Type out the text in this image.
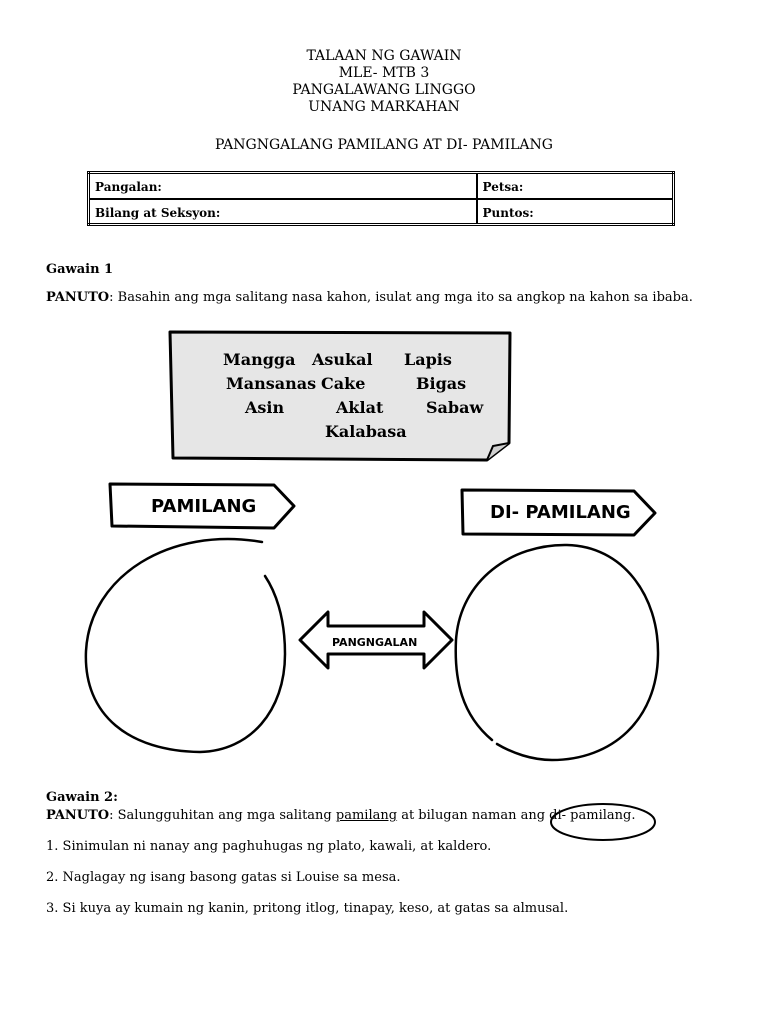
TALAAN NG GAWAIN
MLE- MTB 3
PANGALAWANG LINGGO
UNANG MARKAHAN
PANGNGALANG PAMILANG AT DI- PAMILANG
Pangalan:	Petsa:
Bilang at Seksyon:	Puntos:
Gawain 1
PANUTO: Basahin ang mga salitang nasa kahon, isulat ang mga ito sa angkop na kahon sa ibaba.
Mangga Asukal Lapis
Mansanas Cake	Bigas
Asin	Aklat	Sabaw
Kalabasa
PAMILANG	DI- PAMILANG
PANGNGALAN
Gawain 2:
PANUTO: Salungguhitan ang mga salitang pamilang at bilugan naman ang di- pamilang.
1. Sinimulan ni nanay ang paghuhugas ng plato, kawali, at kaldero.
2. Naglagay ng isang basong gatas si Louise sa mesa.
3. Si kuya ay kumain ng kanin, pritong itlog, tinapay, keso, at gatas sa almusal.
